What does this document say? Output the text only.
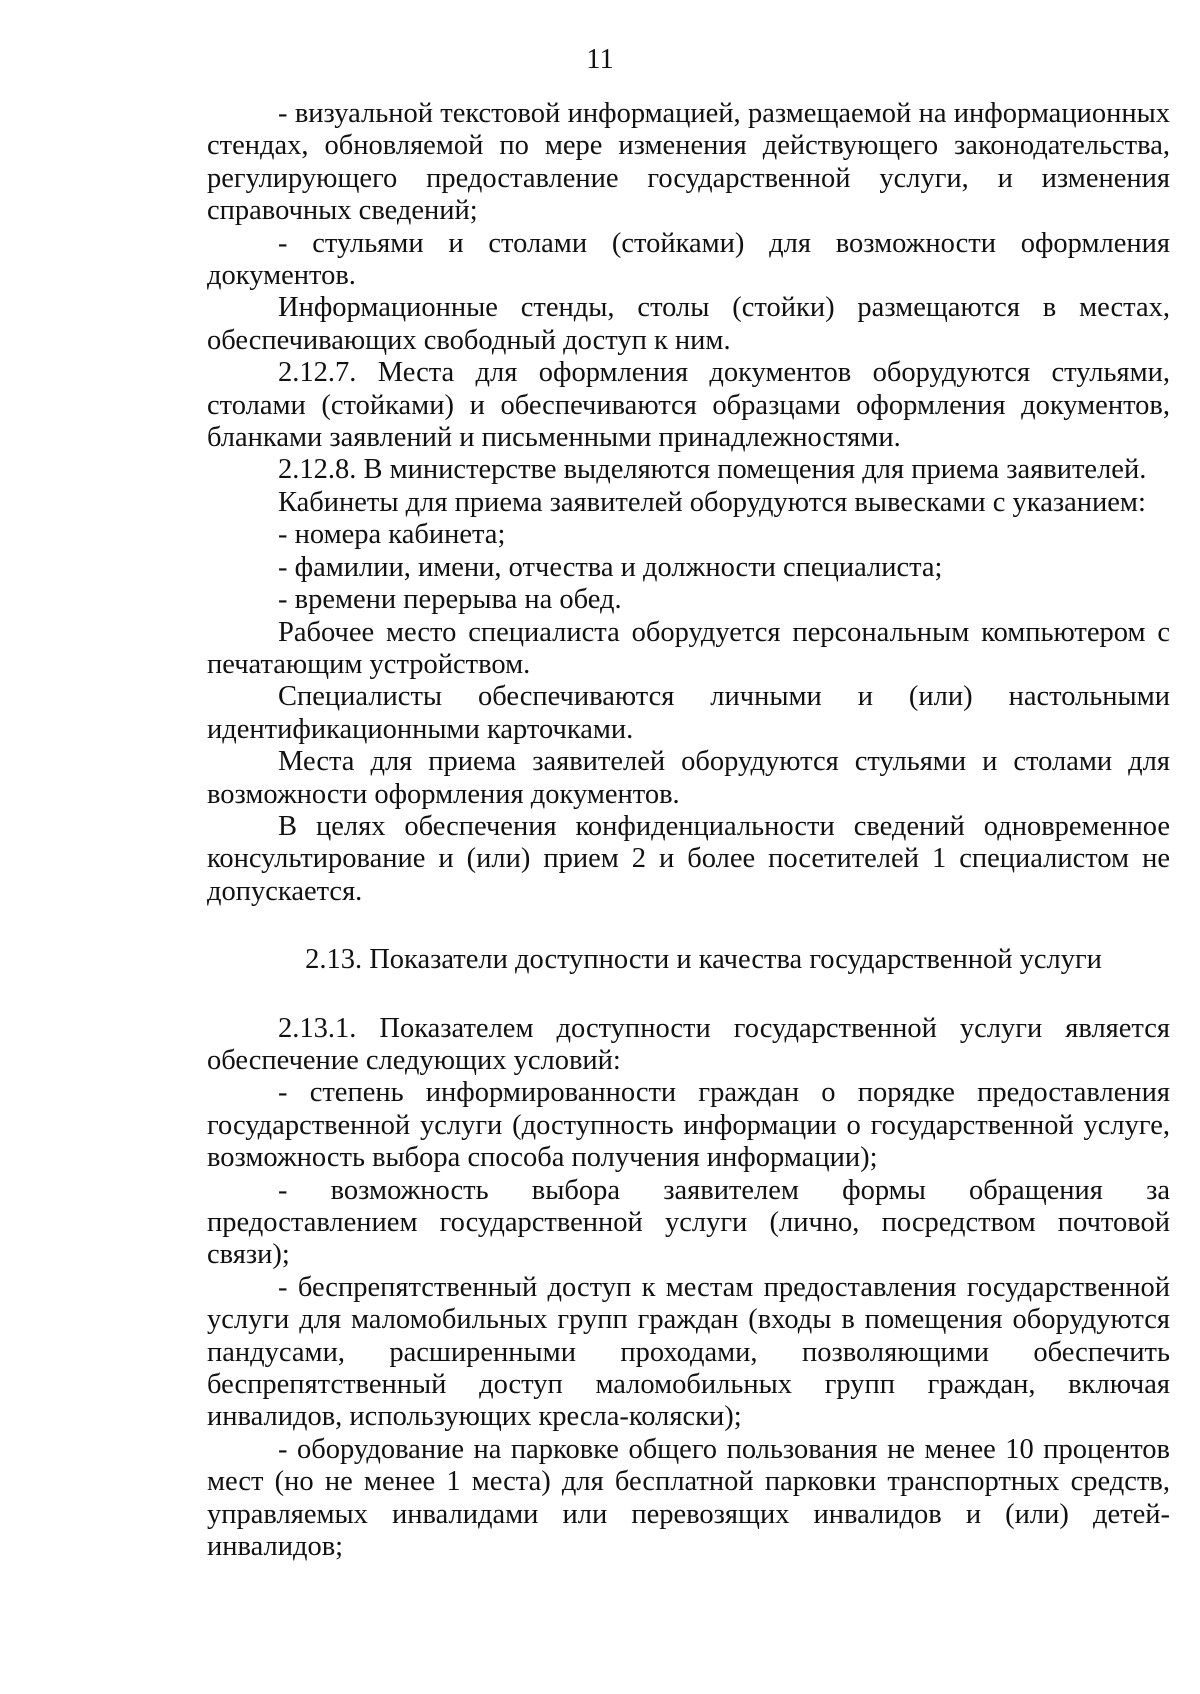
11

- визуальной текстовой информацией, размещаемой на информационных стендах, обновляемой по мере изменения действующего законодательства, регулирующего предоставление государственной услуги, и изменения справочных сведений;

- стульями и столами (стойками) для возможности оформления документов.

Информационные стенды, столы (стойки) размещаются в местах, обеспечивающих свободный доступ к ним.

2.12.7. Места для оформления документов оборудуются стульями, столами (стойками) и обеспечиваются образцами оформления документов, бланками заявлений и письменными принадлежностями.

2.12.8. В министерстве выделяются помещения для приема заявителей.

Кабинеты для приема заявителей оборудуются вывесками с указанием:

- номера кабинета;

- фамилии, имени, отчества и должности специалиста;

- времени перерыва на обед.

Рабочее место специалиста оборудуется персональным компьютером с печатающим устройством.

Специалисты обеспечиваются личными и (или) настольными идентификационными карточками.

Места для приема заявителей оборудуются стульями и столами для возможности оформления документов.

В целях обеспечения конфиденциальности сведений одновременное консультирование и (или) прием 2 и более посетителей 1 специалистом не допускается.

2.13. Показатели доступности и качества государственной услуги

2.13.1. Показателем доступности государственной услуги является обеспечение следующих условий:

- степень информированности граждан о порядке предоставления государственной услуги (доступность информации о государственной услуге, возможность выбора способа получения информации);

- возможность выбора заявителем формы обращения за предоставлением государственной услуги (лично, посредством почтовой связи);

- беспрепятственный доступ к местам предоставления государственной услуги для маломобильных групп граждан (входы в помещения оборудуются пандусами, расширенными проходами, позволяющими обеспечить беспрепятственный доступ маломобильных групп граждан, включая инвалидов, использующих кресла-коляски);

- оборудование на парковке общего пользования не менее 10 процентов мест (но не менее 1 места) для бесплатной парковки транспортных средств, управляемых инвалидами или перевозящих инвалидов и (или) детей-инвалидов;
